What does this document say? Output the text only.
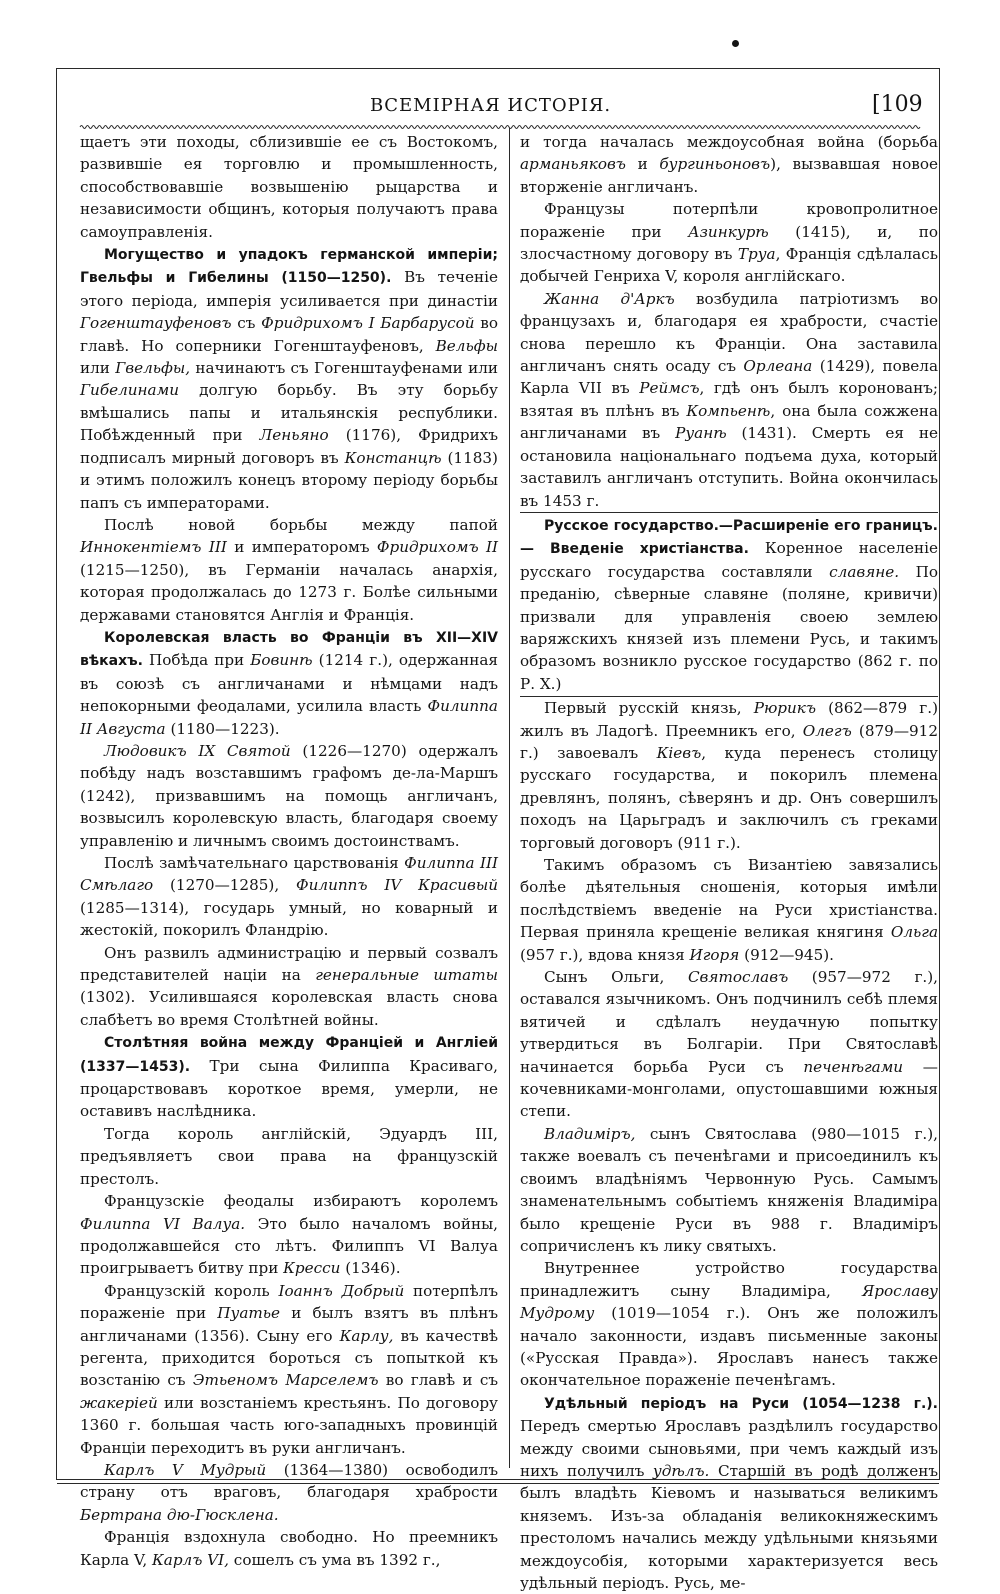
ВСЕМIРНАЯ ИСТОРIЯ.	[109

щаетъ эти походы, сблизившiе ее съ Востокомъ, развившiе ея торговлю и промышленность, способствовавшiе возвышенiю рыцарства и независимости общинъ, которыя получаютъ права самоуправленiя.

Могущество и упадокъ германской имперiи; Гвельфы и Гибелины (1150—1250). Въ теченiе этого перiода, имперiя усиливается при династiи Гогенштауфеновъ съ Фридрихомъ I Барбарусой во главѣ. Но соперники Гогенштауфеновъ, Вельфы или Гвельфы, начинаютъ съ Гогенштауфенами или Гибелинами долгую борьбу. Въ эту борьбу вмѣшались папы и итальянскiя республики. Побѣжденный при Леньяно (1176), Фридрихъ подписалъ мирный договоръ въ Констанцѣ (1183) и этимъ положилъ конецъ второму перiоду борьбы папъ съ императорами.

Послѣ новой борьбы между папой Иннокентiемъ III и императоромъ Фридрихомъ II (1215—1250), въ Германiи началась анархiя, которая продолжалась до 1273 г. Болѣе сильными державами становятся Англiя и Францiя.

Королевская власть во Францiи въ XII—XIV вѣкахъ. Побѣда при Бовинѣ (1214 г.), одержанная въ союзѣ съ англичанами и нѣмцами надъ непокорными феодалами, усилила власть Филиппа II Августа (1180—1223).

Людовикъ IX Святой (1226—1270) одержалъ побѣду надъ возставшимъ графомъ де-ла-Маршъ (1242), призвавшимъ на помощь англичанъ, возвысилъ королевскую власть, благодаря своему управленiю и личнымъ своимъ достоинствамъ.

Послѣ замѣчательнаго царствованiя Филиппа III Смѣлаго (1270—1285), Филиппъ IV Красивый (1285—1314), государь умный, но коварный и жестокiй, покорилъ Фландрiю.

Онъ развилъ администрацiю и первый созвалъ представителей нацiи на генеральные штаты (1302). Усилившаяся королевская власть снова слабѣетъ во время Столѣтней войны.

Столѣтняя война между Францiей и Англiей (1337—1453). Три сына Филиппа Красиваго, процарствовавъ короткое время, умерли, не оставивъ наслѣдника.

Тогда король англiйскiй, Эдуардъ III, предъявляетъ свои права на французскiй престолъ.

Французскiе феодалы избираютъ королемъ Филиппа VI Валуа. Это было началомъ войны, продолжавшейся сто лѣтъ. Филиппъ VI Валуа проигрываетъ битву при Кресси (1346).

Французскiй король Iоаннъ Добрый потерпѣлъ пораженiе при Пуатье и былъ взятъ въ плѣнъ англичанами (1356). Сыну его Карлу, въ качествѣ регента, приходится бороться съ попыткой къ возстанiю съ Этьеномъ Марселемъ во главѣ и съ жакерiей или возстанiемъ крестьянъ. По договору 1360 г. большая часть юго-западныхъ провинцiй Францiи переходитъ въ руки англичанъ.

Карлъ V Мудрый (1364—1380) освободилъ страну отъ враговъ, благодаря храбрости Бертрана дю-Гюсклена.

Францiя вздохнула свободно. Но преемникъ Карла V, Карлъ VI, сошелъ съ ума въ 1392 г.,

и тогда началась междоусобная война (борьба арманьяковъ и бургиньоновъ), вызвавшая новое вторженiе англичанъ.

Французы потерпѣли кровопролитное пораженiе при Азинкурѣ (1415), и, по злосчастному договору въ Труа, Францiя сдѣлалась добычей Генриха V, короля англiйскаго.

Жанна д'Аркъ возбудила патрiотизмъ во французахъ и, благодаря ея храбрости, счастiе снова перешло къ Францiи. Она заставила англичанъ снять осаду съ Орлеана (1429), повела Карла VII въ Реймсъ, гдѣ онъ былъ коронованъ; взятая въ плѣнъ въ Компьенѣ, она была сожжена англичанами въ Руанѣ (1431). Смерть ея не остановила нацiональнаго подъема духа, который заставилъ англичанъ отступить. Война окончилась въ 1453 г.

Русское государство.—Расширенiе его границъ. — Введенiе христiанства. Коренное населенiе русскаго государства составляли славяне. По преданiю, сѣверные славяне (поляне, кривичи) призвали для управленiя своею землею варяжскихъ князей изъ племени Русь, и такимъ образомъ возникло русское государство (862 г. по Р. Х.)

Первый русскiй князь, Рюрикъ (862—879 г.) жилъ въ Ладогѣ. Преемникъ его, Олегъ (879—912 г.) завоевалъ Кiевъ, куда перенесъ столицу русскаго государства, и покорилъ племена древлянъ, полянъ, сѣверянъ и др. Онъ совершилъ походъ на Царьградъ и заключилъ съ греками торговый договоръ (911 г.).

Такимъ образомъ съ Византiею завязались болѣе дѣятельныя сношенiя, которыя имѣли послѣдствiемъ введенiе на Руси христiанства. Первая приняла крещенiе великая княгиня Ольга (957 г.), вдова князя Игоря (912—945).

Сынъ Ольги, Святославъ (957—972 г.), оставался язычникомъ. Онъ подчинилъ себѣ племя вятичей и сдѣлалъ неудачную попытку утвердиться въ Болгарiи. При Святославѣ начинается борьба Руси съ печенѣгами — кочевниками-монголами, опустошавшими южныя степи.

Владимiръ, сынъ Святослава (980—1015 г.), также воевалъ съ печенѣгами и присоединилъ къ своимъ владѣнiямъ Червонную Русь. Самымъ знаменательнымъ событiемъ княженiя Владимiра было крещенiе Руси въ 988 г. Владимiръ сопричисленъ къ лику святыхъ.

Внутреннее устройство государства принадлежитъ сыну Владимiра, Ярославу Мудрому (1019—1054 г.). Онъ же положилъ начало законности, издавъ письменные законы («Русская Правда»). Ярославъ нанесъ также окончательное пораженiе печенѣгамъ.

Удѣльный перiодъ на Руси (1054—1238 г.). Передъ смертью Ярославъ раздѣлилъ государство между своими сыновьями, при чемъ каждый изъ нихъ получилъ удѣлъ. Старшiй въ родѣ долженъ былъ владѣть Кiевомъ и называться великимъ княземъ. Изъ-за обладанiя великокняжескимъ престоломъ начались между удѣльными князьями междоусобiя, которыми характеризуется весь удѣльный перiодъ. Русь, ме-
